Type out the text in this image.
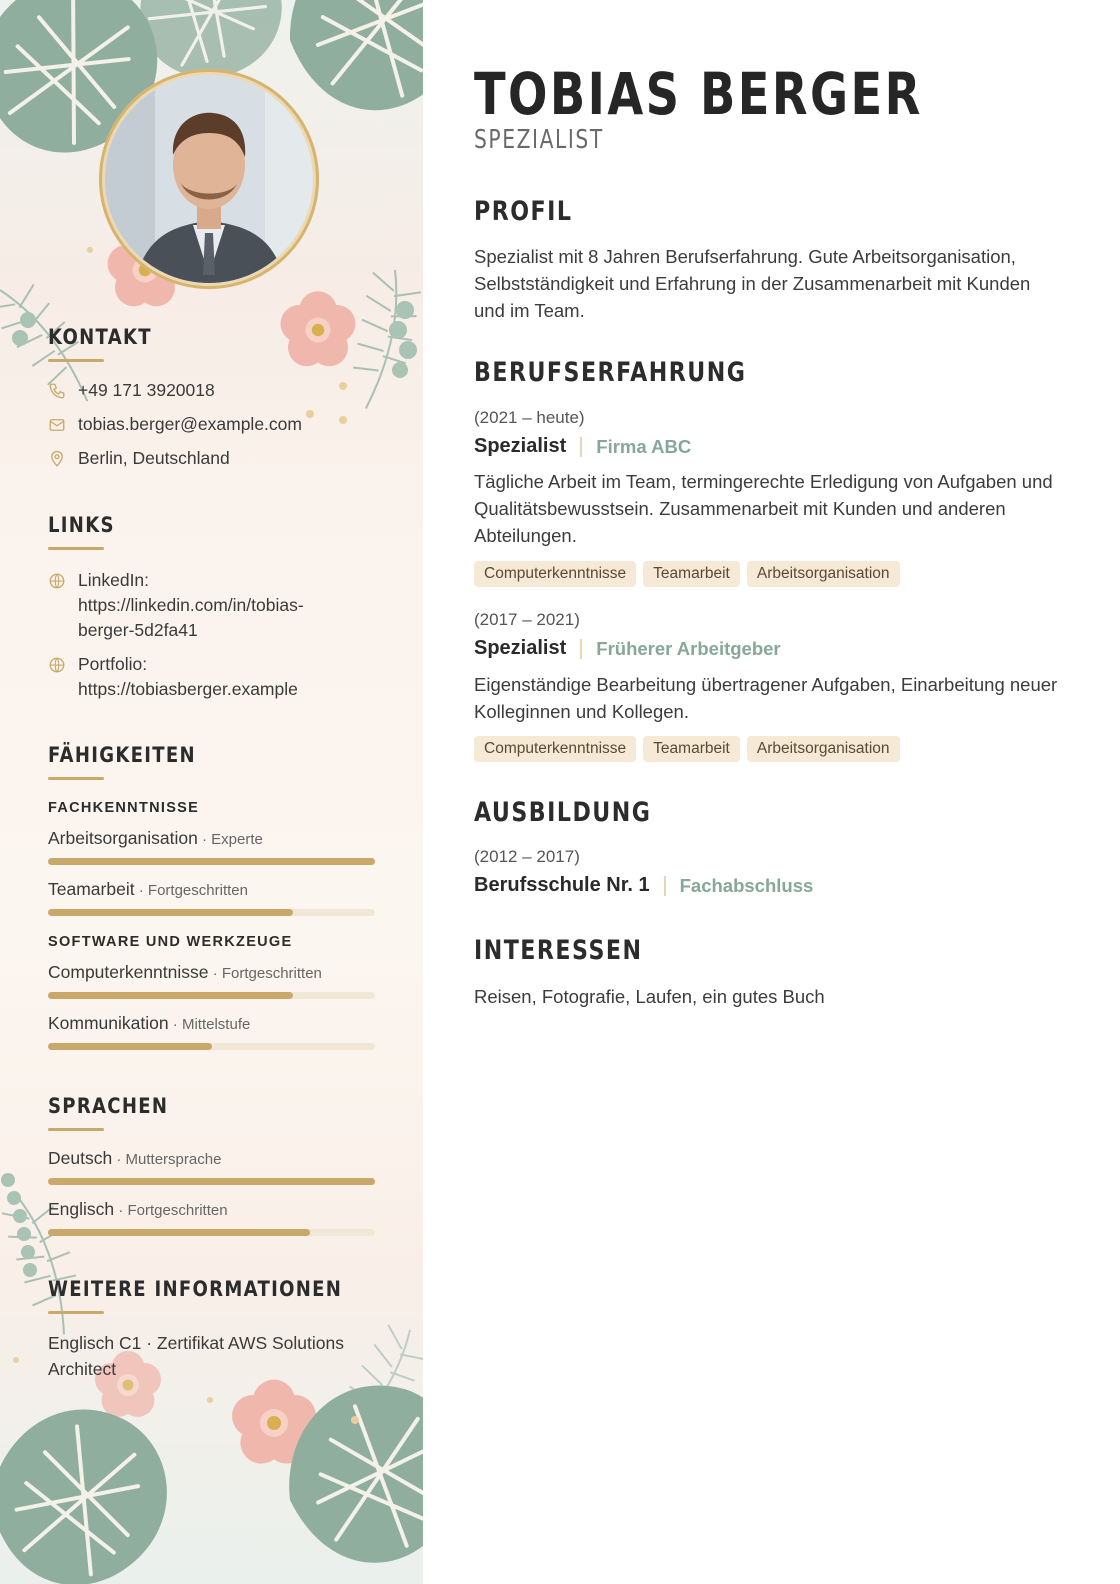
KONTAKT
+49 171 3920018
tobias.berger@example.com
Berlin, Deutschland
LINKS
LinkedIn:
https://linkedin.com/in/tobias-
berger-5d2fa41
Portfolio:
https://tobiasberger.example
FÄHIGKEITEN
FACHKENNTNISSE
Arbeitsorganisation · Experte
Teamarbeit · Fortgeschritten
SOFTWARE UND WERKZEUGE
Computerkenntnisse · Fortgeschritten
Kommunikation · Mittelstufe
SPRACHEN
Deutsch · Muttersprache
Englisch · Fortgeschritten
WEITERE INFORMATIONEN
Englisch C1 · Zertifikat AWS Solutions
Architect
TOBIAS BERGER
SPEZIALIST
PROFIL
Spezialist mit 8 Jahren Berufserfahrung. Gute Arbeitsorganisation, Selbstständigkeit und Erfahrung in der Zusammenarbeit mit Kunden und im Team.
BERUFSERFAHRUNG
(2021 – heute)
Spezialist Firma ABC
Tägliche Arbeit im Team, termingerechte Erledigung von Aufgaben und Qualitätsbewusstsein. Zusammenarbeit mit Kunden und anderen Abteilungen.
Computerkenntnisse	Teamarbeit	Arbeitsorganisation
(2017 – 2021)
Spezialist Früherer Arbeitgeber
Eigenständige Bearbeitung übertragener Aufgaben, Einarbeitung neuer Kolleginnen und Kollegen.
Computerkenntnisse	Teamarbeit	Arbeitsorganisation
AUSBILDUNG
(2012 – 2017)
Berufsschule Nr. 1 Fachabschluss
INTERESSEN
Reisen, Fotografie, Laufen, ein gutes Buch
